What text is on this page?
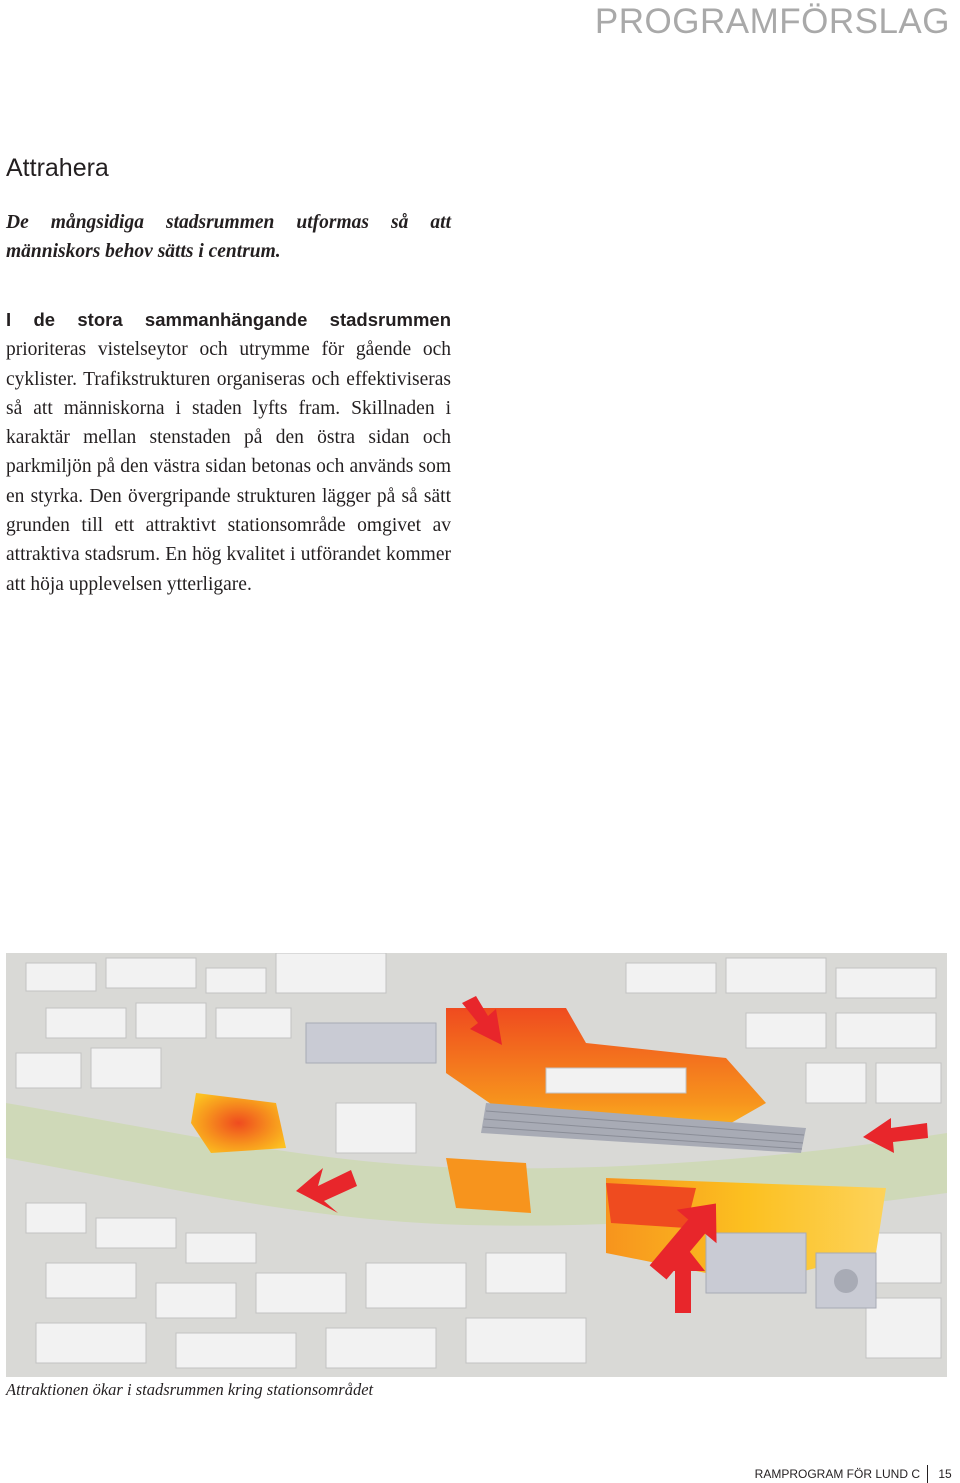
PROGRAMFÖRSLAG
Attrahera
De mångsidiga stadsrummen utformas så att människors behov sätts i centrum.
I de stora sammanhängande stadsrummen prioriteras vistelseytor och utrymme för gående och cyklister. Trafikstrukturen organiseras och effektiviseras så att människorna i staden lyfts fram. Skillnaden i karaktär mellan stenstaden på den östra sidan och parkmiljön på den västra sidan betonas och används som en styrka. Den övergripande strukturen lägger på så sätt grunden till ett attraktivt stationsområde omgivet av attraktiva stadsrum. En hög kvalitet i utförandet kommer att höja upplevelsen ytterligare.
Attraktionen ökar i stadsrummen kring stationsområdet
RAMPROGRAM FÖR LUND C	15
